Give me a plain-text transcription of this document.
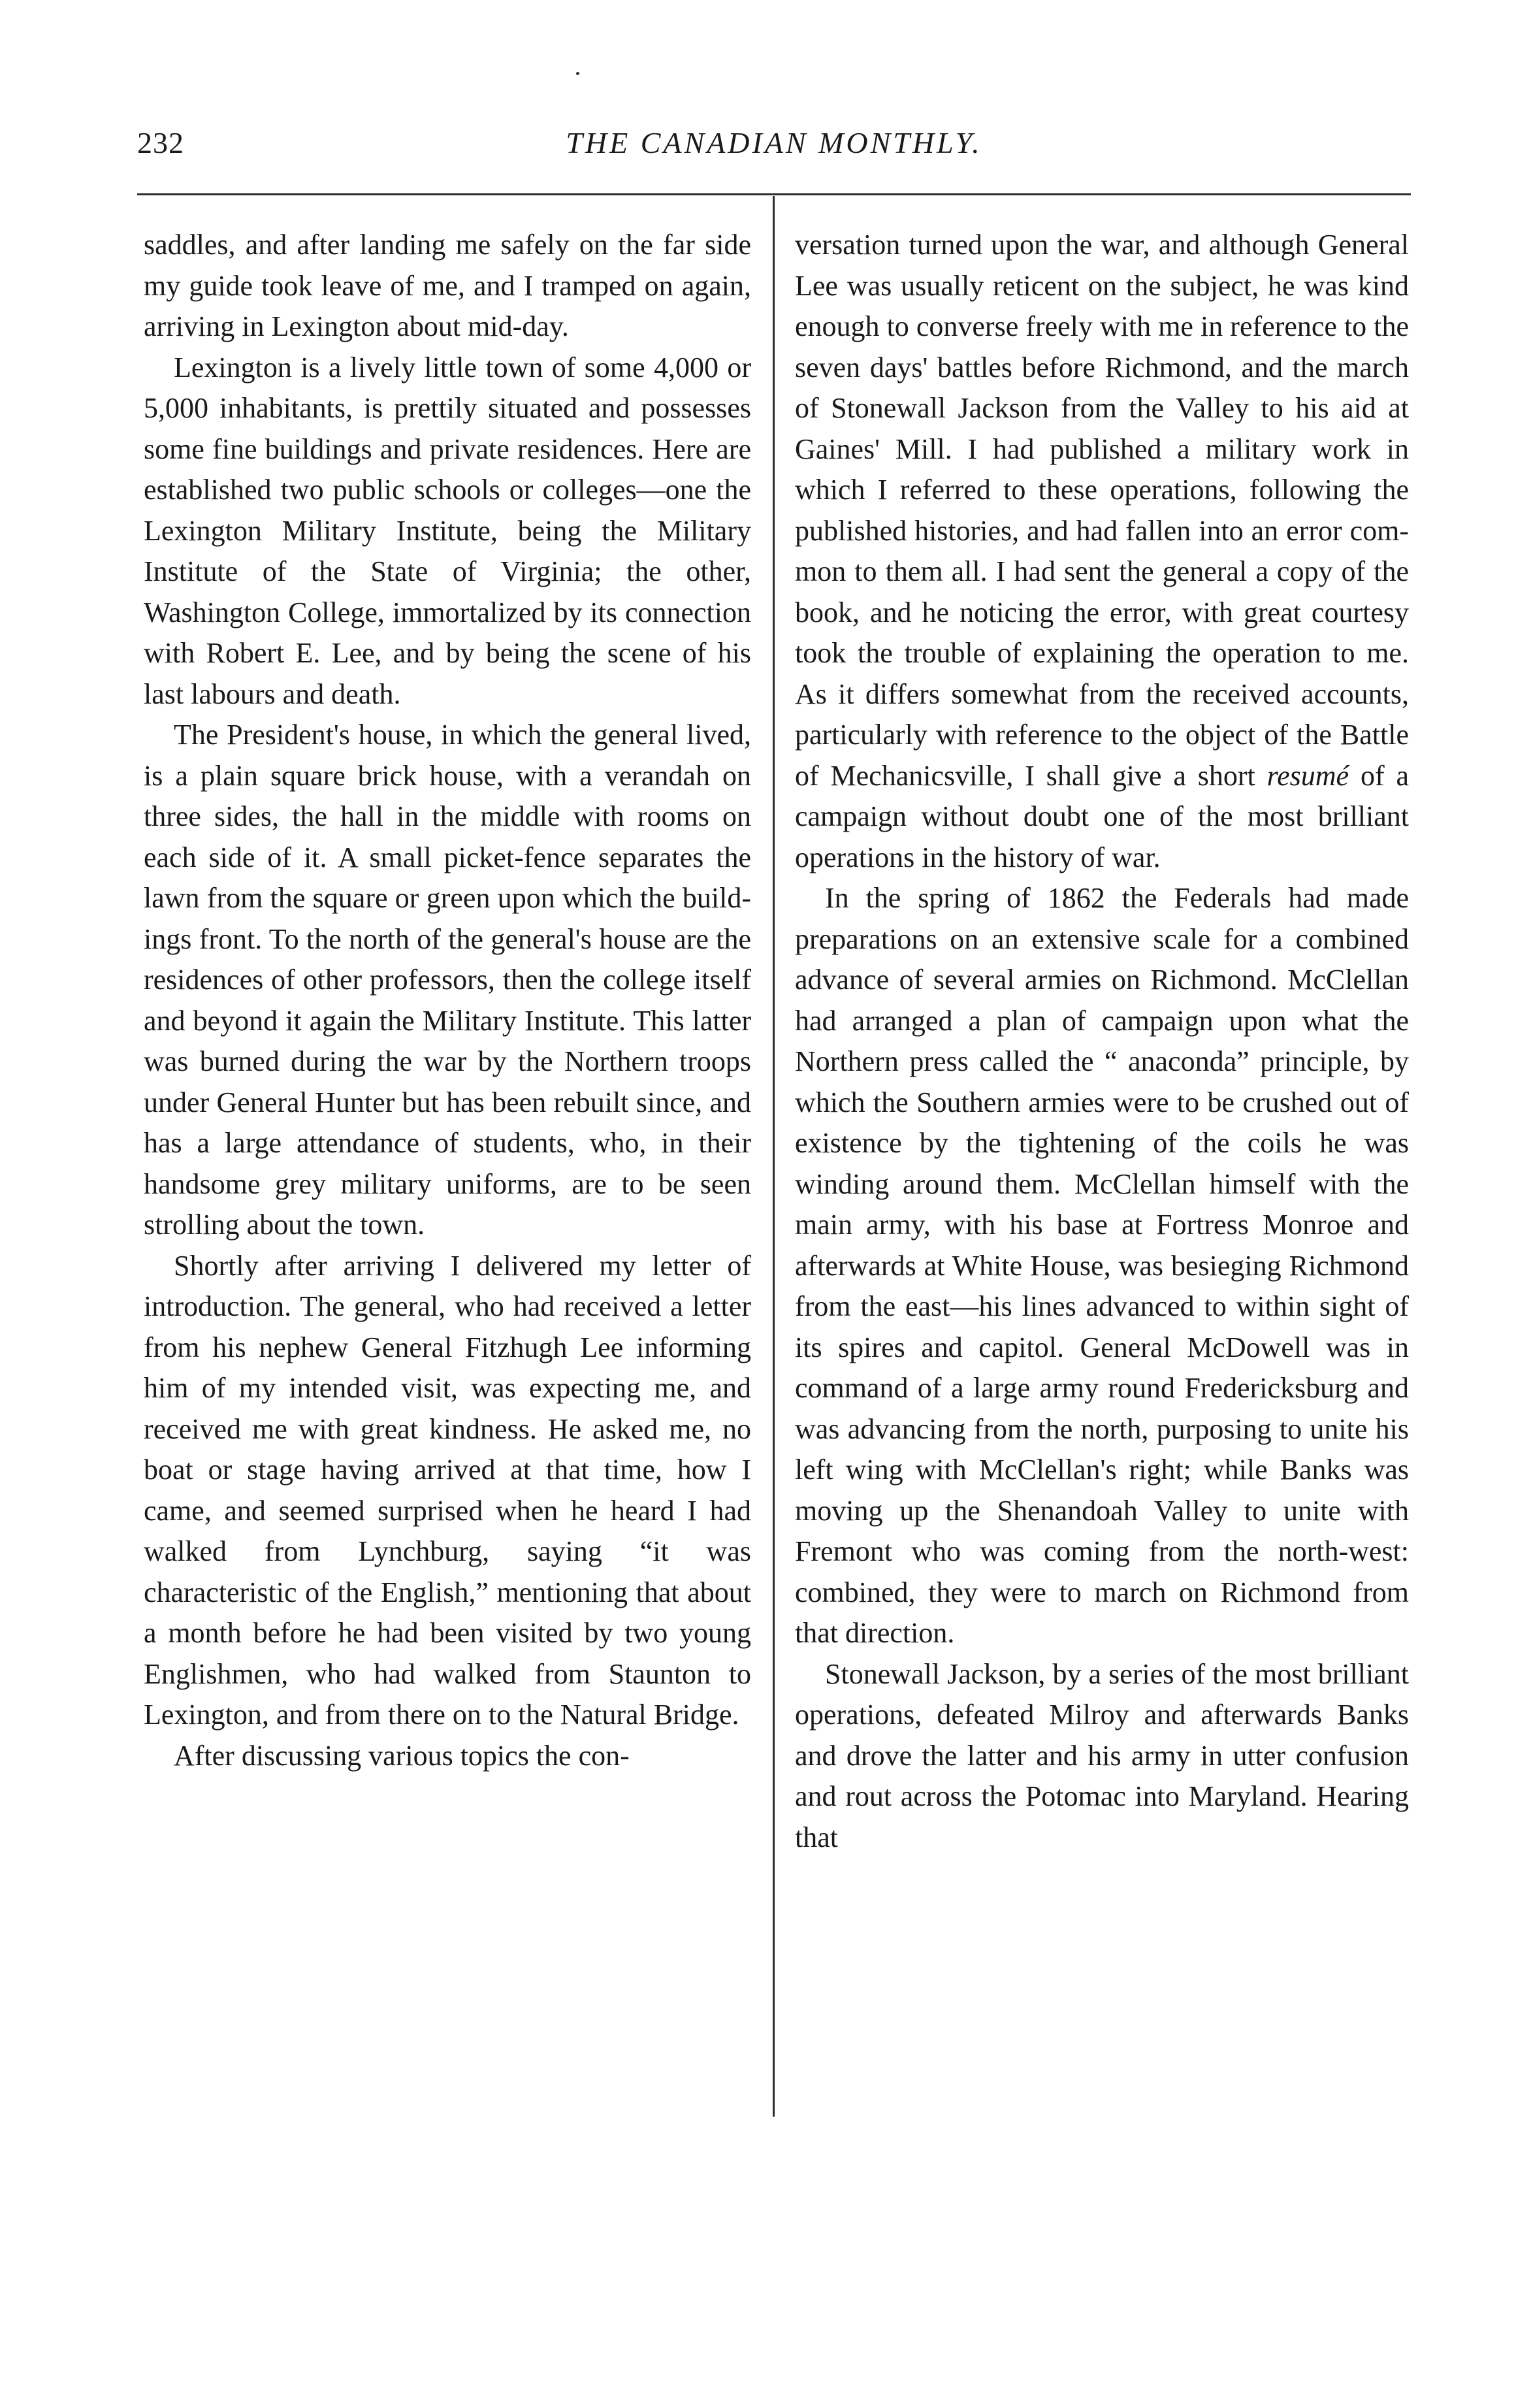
232	THE CANADIAN MONTHLY.

saddles, and after landing me safely on the far side my guide took leave of me, and I tramped on again, arriving in Lexington about mid-day.

Lexington is a lively little town of some 4,000 or 5,000 inhabitants, is prettily situated and possesses some fine buildings and private residences. Here are established two public schools or colleges—one the Lexington Military Institute, being the Military Institute of the State of Virginia; the other, Washington College, immortalized by its connection with Robert E. Lee, and by being the scene of his last labours and death.

The President's house, in which the general lived, is a plain square brick house, with a verandah on three sides, the hall in the middle with rooms on each side of it. A small picket-fence separates the lawn from the square or green upon which the buildings front. To the north of the general's house are the residences of other professors, then the college itself and beyond it again the Military Institute. This latter was burned during the war by the Northern troops under General Hunter but has been rebuilt since, and has a large attendance of students, who, in their handsome grey military uniforms, are to be seen strolling about the town.

Shortly after arriving I delivered my letter of introduction. The general, who had received a letter from his nephew General Fitzhugh Lee informing him of my intended visit, was expecting me, and received me with great kindness. He asked me, no boat or stage having arrived at that time, how I came, and seemed surprised when he heard I had walked from Lynchburg, saying “it was characteristic of the English,” mentioning that about a month before he had been visited by two young Englishmen, who had walked from Staunton to Lexington, and from there on to the Natural Bridge.

After discussing various topics the con-

versation turned upon the war, and although General Lee was usually reticent on the subject, he was kind enough to converse freely with me in reference to the seven days' battles before Richmond, and the march of Stonewall Jackson from the Valley to his aid at Gaines' Mill. I had published a military work in which I referred to these operations, following the published histories, and had fallen into an error common to them all. I had sent the general a copy of the book, and he noticing the error, with great courtesy took the trouble of explaining the operation to me. As it differs somewhat from the received accounts, particularly with reference to the object of the Battle of Mechanicsville, I shall give a short resumé of a campaign without doubt one of the most brilliant operations in the history of war.

In the spring of 1862 the Federals had made preparations on an extensive scale for a combined advance of several armies on Richmond. McClellan had arranged a plan of campaign upon what the Northern press called the “ anaconda” principle, by which the Southern armies were to be crushed out of existence by the tightening of the coils he was winding around them. McClellan himself with the main army, with his base at Fortress Monroe and afterwards at White House, was besieging Richmond from the east—his lines advanced to within sight of its spires and capitol. General McDowell was in command of a large army round Fredericksburg and was advancing from the north, purposing to unite his left wing with McClellan's right; while Banks was moving up the Shenandoah Valley to unite with Fremont who was coming from the north-west: combined, they were to march on Richmond from that direction.

Stonewall Jackson, by a series of the most brilliant operations, defeated Milroy and afterwards Banks and drove the latter and his army in utter confusion and rout across the Potomac into Maryland. Hearing that
